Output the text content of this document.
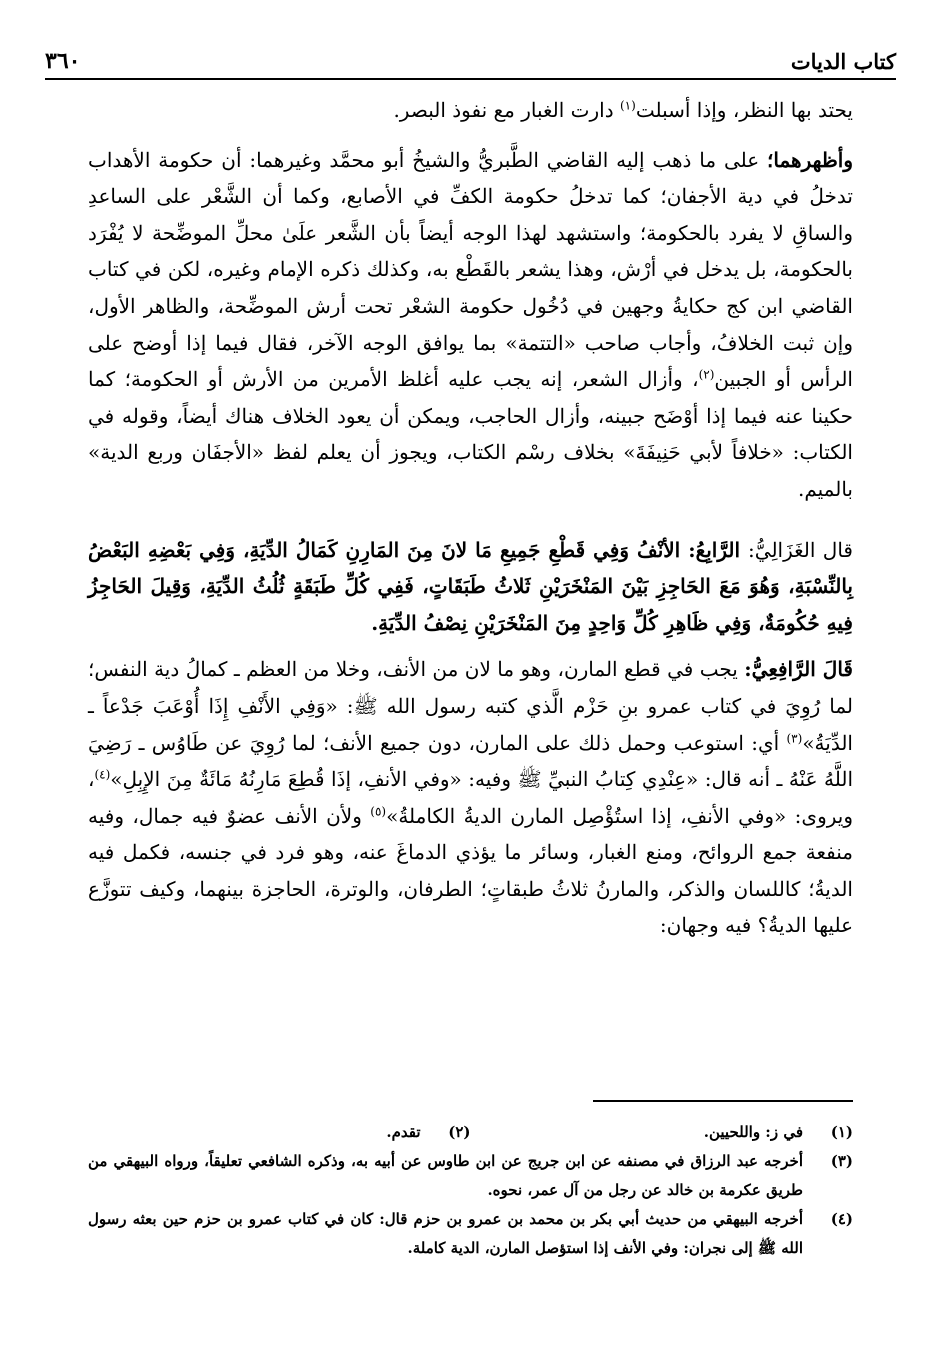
٣٦٠	كتاب الديات

يحتد بها النظر، وإذا أسبلت$^{(١)}$ دارت الغبار مع نفوذ البصر.

وأظهرهما؛ على ما ذهب إليه القاضي الطَّبريُّ والشيخُ أبو محمَّد وغيرهما: أن حكومة الأهداب تدخلُ في دية الأجفان؛ كما تدخلُ حكومة الكفِّ في الأصابع، وكما أن الشَّعْر على الساعدِ والساقِ لا يفرد بالحكومة؛ واستشهد لهذا الوجه أيضاً بأن الشَّعر علَىٰ محلِّ الموضِّحة لا يُفْرَد بالحكومة، بل يدخل في أرْش، وهذا يشعر بالقَطْع به، وكذلك ذكره الإمام وغيره، لكن في كتاب القاضي ابن كج حكايةُ وجهين في دُخُول حكومة الشعْر تحت أرش الموضِّحة، والظاهر الأول، وإن ثبت الخلافُ، وأجاب صاحب «التتمة» بما يوافق الوجه الآخر، فقال فيما إذا أوضح على الرأس أو الجبين$^{(٢)}$، وأزال الشعر، إنه يجب عليه أغلظ الأمرين من الأرش أو الحكومة؛ كما حكينا عنه فيما إذا أوْضَح جبينه، وأزال الحاجب، ويمكن أن يعود الخلاف هناك أيضاً، وقوله في الكتاب: «خلافاً لأبي حَنِيفَةَ» بخلاف رسْم الكتاب، ويجوز أن يعلم لفظ «الأجفَان وربع الدية» بالميم.

قال الغَزَالِيُّ: الرَّابِعُ: الأنْفُ وَفِي قَطْعِ جَمِيعِ مَا لانَ مِنَ المَارِنِ كَمَالُ الدِّيَةِ، وَفِي بَعْضِهِ البَعْضُ بِالنِّسْبَةِ، وَهُوَ مَعَ الحَاجِزِ بَيْنَ المَنْخَرَيْنِ ثَلاثُ طَبَقَاتٍ، فَفِي كُلِّ طَبَقَةٍ ثُلُثُ الدِّيَةِ، وَقِيلَ الحَاجِزُ فِيهِ حُكُومَةٌ، وَفِي ظَاهِرِ كُلِّ وَاحِدٍ مِنَ المَنْخَرَيْنِ نِصْفُ الدِّيَةِ.

قَالَ الرَّافِعِيُّ: يجب في قطع المارن، وهو ما لان من الأنف، وخلا من العظم ـ كمالُ دية النفس؛ لما رُوِيَ في كتاب عمرو بنِ حَزْم الَّذي كتبه رسول الله ﷺ: «وَفِي الأَنْفِ إِذَا أُوْعَبَ جَدْعاً ـ الدِّيَةُ»$^{(٣)}$ أي: استوعب وحمل ذلك على المارن، دون جميع الأنف؛ لما رُوِيَ عن طَاوُس ـ رَضِيَ اللَّهُ عَنْهُ ـ أنه قال: «عِنْدِي كِتابُ النبيِّ ﷺ وفيه: «وفي الأنفِ، إذَا قُطِعَ مَارِنُهُ مَائَةٌ مِنَ الإِبِلِ»$^{(٤)}$، ويروى: «وفي الأنفِ، إذا استُؤْصِل المارن الديةُ الكاملةُ»$^{(٥)}$ ولأن الأنف عضوٌ فيه جمال، وفيه منفعة جمع الروائح، ومنع الغبار، وسائر ما يؤذي الدماغَ عنه، وهو فرد في جنسه، فكمل فيه الديةُ؛ كاللسان والذكر، والمارنُ ثلاثُ طبقاتٍ؛ الطرفان، والوترة، الحاجزة بينهما، وكيف تتوزَّع عليها الديةُ؟ فيه وجهان:

(١)
في ز: واللحيين.
(٢)
تقدم.
(٣)
أخرجه عبد الرزاق في مصنفه عن ابن جريج عن ابن طاوس عن أبيه به، وذكره الشافعي تعليقاً، ورواه البيهقي من طريق عكرمة بن خالد عن رجل من آل عمر، نحوه.
(٤)
أخرجه البيهقي من حديث أبي بكر بن محمد بن عمرو بن حزم قال: كان في كتاب عمرو بن حزم حين بعثه رسول الله ﷺ إلى نجران: وفي الأنف إذا استؤصل المارن، الدية كاملة.
